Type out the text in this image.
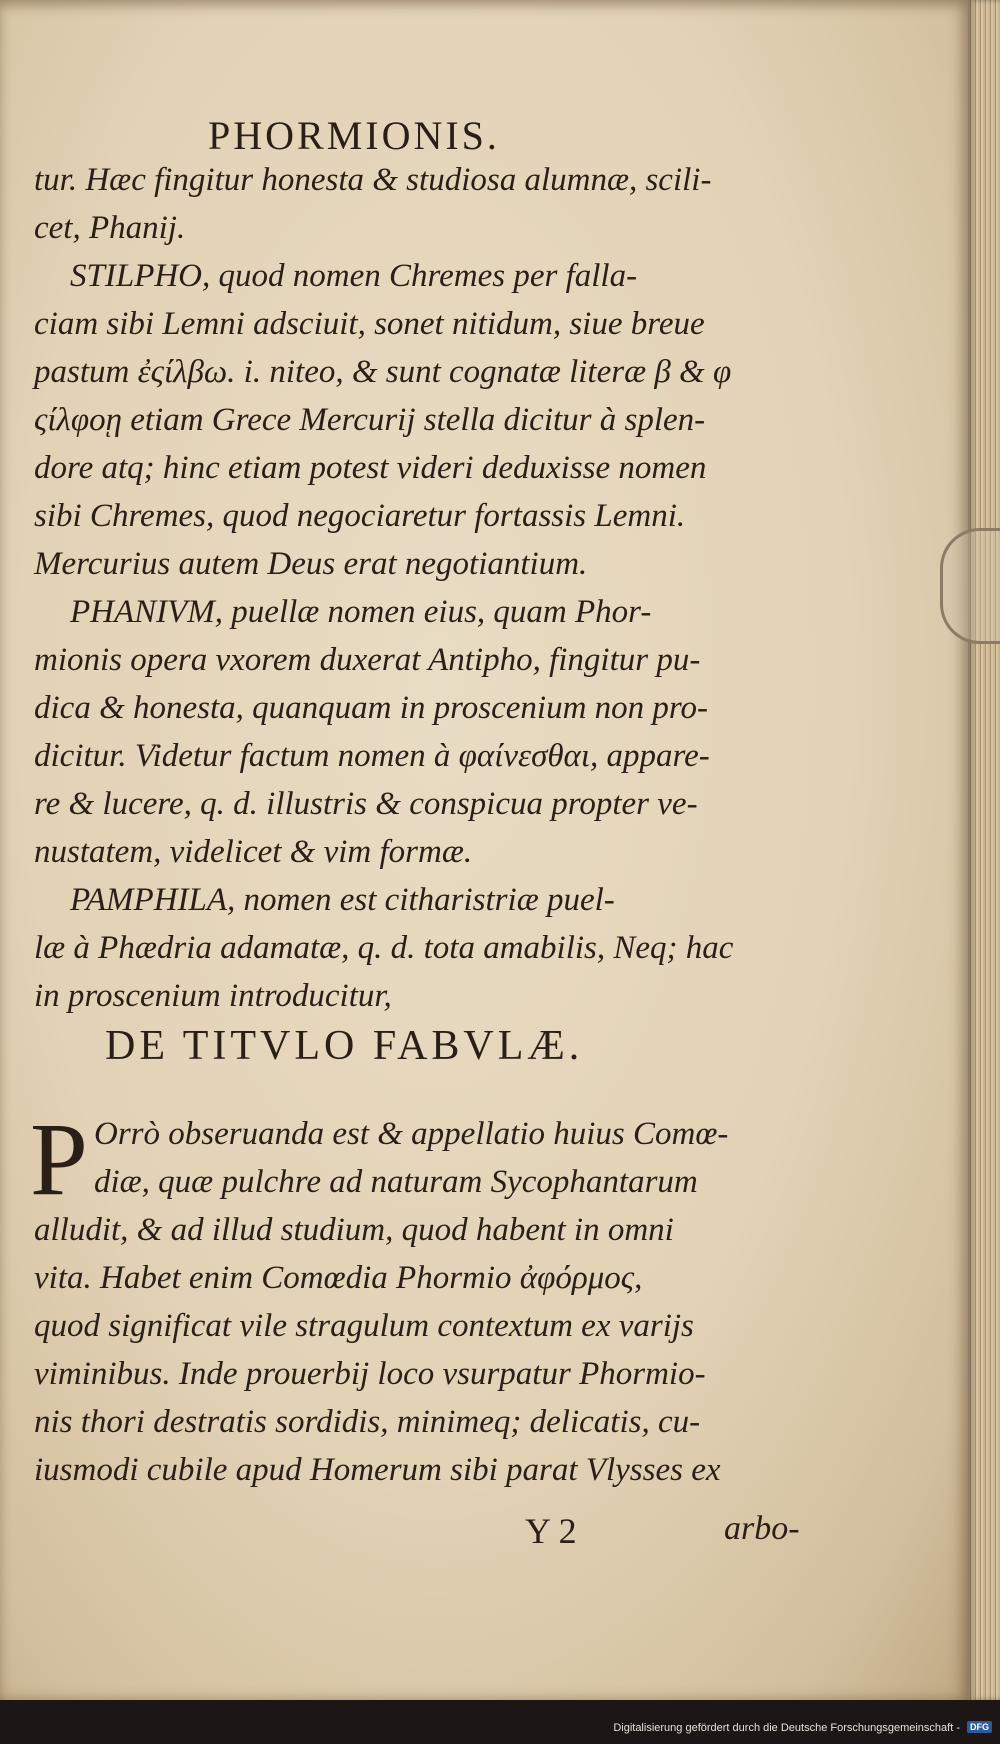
PHORMIONIS.
tur. Hæc fingitur honesta & studiosa alumnæ, scili-
cet, Phanij.
STILPHO, quod nomen Chremes per falla-
ciam sibi Lemni adsciuit, sonet nitidum, siue breue
pastum ἐςίλβω. i. niteo, & sunt cognatæ literæ β & φ
ςίλφοῃ etiam Grece Mercurij stella dicitur à splen-
dore atq; hinc etiam potest videri deduxisse nomen
sibi Chremes, quod negociaretur fortassis Lemni.
Mercurius autem Deus erat negotiantium.
PHANIVM, puellæ nomen eius, quam Phor-
mionis opera vxorem duxerat Antipho, fingitur pu-
dica & honesta, quanquam in proscenium non pro-
dicitur. Videtur factum nomen à φαίνεσθαι, appare-
re & lucere, q. d. illustris & conspicua propter ve-
nustatem, videlicet & vim formæ.
PAMPHILA, nomen est citharistriæ puel-
læ à Phædria adamatæ, q. d. tota amabilis, Neq; hac
in proscenium introducitur,
DE TITVLO FABVLÆ.
P Orrò obseruanda est & appellatio huius Comœ-
diæ, quæ pulchre ad naturam Sycophantarum
alludit, & ad illud studium, quod habent in omni
vita. Habet enim Comœdia Phormio ἀφόρμος,
quod significat vile stragulum contextum ex varijs
viminibus. Inde prouerbij loco vsurpatur Phormio-
nis thori destratis sordidis, minimeq; delicatis, cu-
iusmodi cubile apud Homerum sibi parat Vlysses ex
Y 2	arbo-
Digitalisierung gefördert durch die Deutsche Forschungsgemeinschaft -	DFG
